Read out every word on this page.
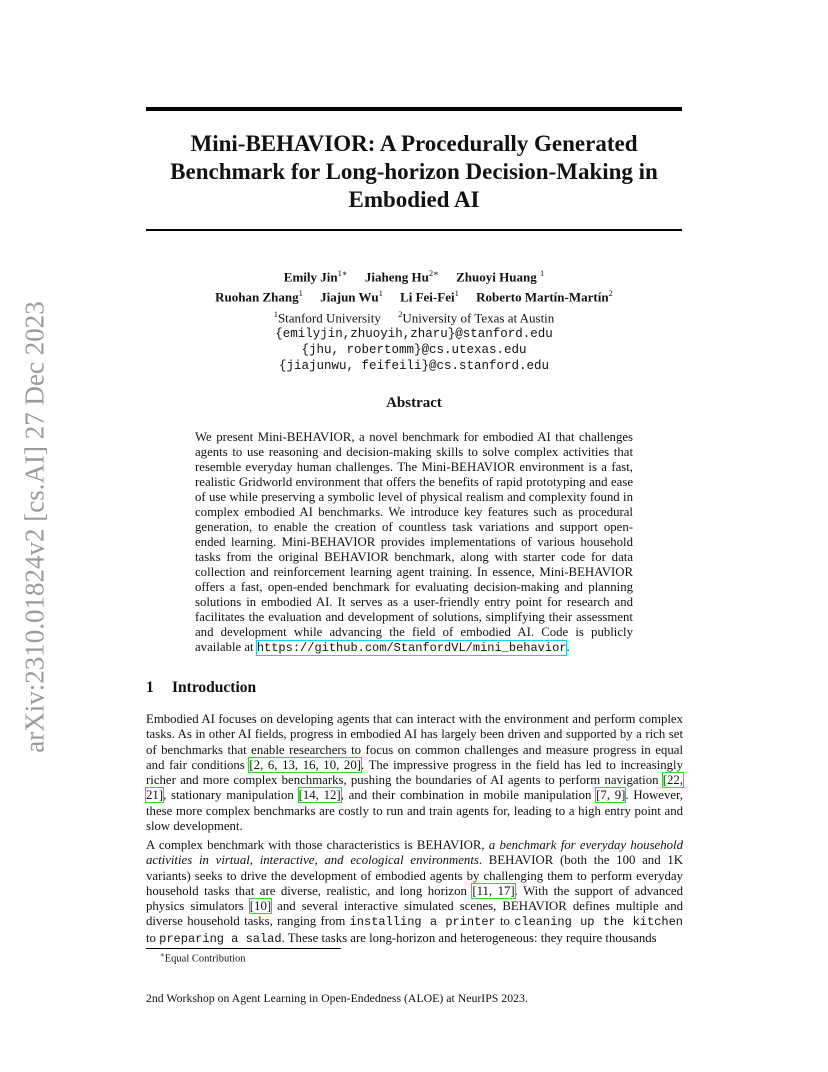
arXiv:2310.01824v2 [cs.AI] 27 Dec 2023
Mini-BEHAVIOR: A Procedurally Generated
Benchmark for Long-horizon Decision-Making in
Embodied AI
Emily Jin$^{1∗}$ Jiaheng $Hu^{2∗}$ Zhuoyi Huang $^1$
Ruohan Zhang$^1$ Jiajun Wu$^1$ Li Fei-Fei$^1$ Roberto Martín-Martín$^2$
$^1$Stanford University $^2$University of Texas at Austin
{emilyjin,zhuoyih,zharu}@stanford.edu
{jhu, robertomm}@cs.utexas.edu
{jiajunwu, feifeili}@cs.stanford.edu
Abstract
We present Mini-BEHAVIOR, a novel benchmark for embodied AI that challenges agents to use reasoning and decision-making skills to solve complex activities that resemble everyday human challenges. The Mini-BEHAVIOR environment is a fast, realistic Gridworld environment that offers the benefits of rapid prototyping and ease of use while preserving a symbolic level of physical realism and complexity found in complex embodied AI benchmarks. We introduce key features such as procedural generation, to enable the creation of countless task variations and support open-ended learning. Mini-BEHAVIOR provides implementations of various household tasks from the original BEHAVIOR benchmark, along with starter code for data collection and reinforcement learning agent training. In essence, Mini-BEHAVIOR offers a fast, open-ended benchmark for evaluating decision-making and planning solutions in embodied AI. It serves as a user-friendly entry point for research and facilitates the evaluation and development of solutions, simplifying their assessment and development while advancing the field of embodied AI. Code is publicly available at https://github.com/StanfordVL/mini_behavior.
1 Introduction
Embodied AI focuses on developing agents that can interact with the environment and perform complex tasks. As in other AI fields, progress in embodied AI has largely been driven and supported by a rich set of benchmarks that enable researchers to focus on common challenges and measure progress in equal and fair conditions [2, 6, 13, 16, 10, 20]. The impressive progress in the field has led to increasingly richer and more complex benchmarks, pushing the boundaries of AI agents to perform navigation [22, 21], stationary manipulation [14, 12], and their combination in mobile manipulation [7, 9]. However, these more complex benchmarks are costly to run and train agents for, leading to a high entry point and slow development.
A complex benchmark with those characteristics is BEHAVIOR, a benchmark for everyday household activities in virtual, interactive, and ecological environments. BEHAVIOR (both the 100 and 1K variants) seeks to drive the development of embodied agents by challenging them to perform everyday household tasks that are diverse, realistic, and long horizon [11, 17]. With the support of advanced physics simulators [10] and several interactive simulated scenes, BEHAVIOR defines multiple and diverse household tasks, ranging from installing a printer to cleaning up the kitchen to preparing a salad. These tasks are long-horizon and heterogeneous: they require thousands
∗Equal Contribution
2nd Workshop on Agent Learning in Open-Endedness (ALOE) at NeurIPS 2023.
